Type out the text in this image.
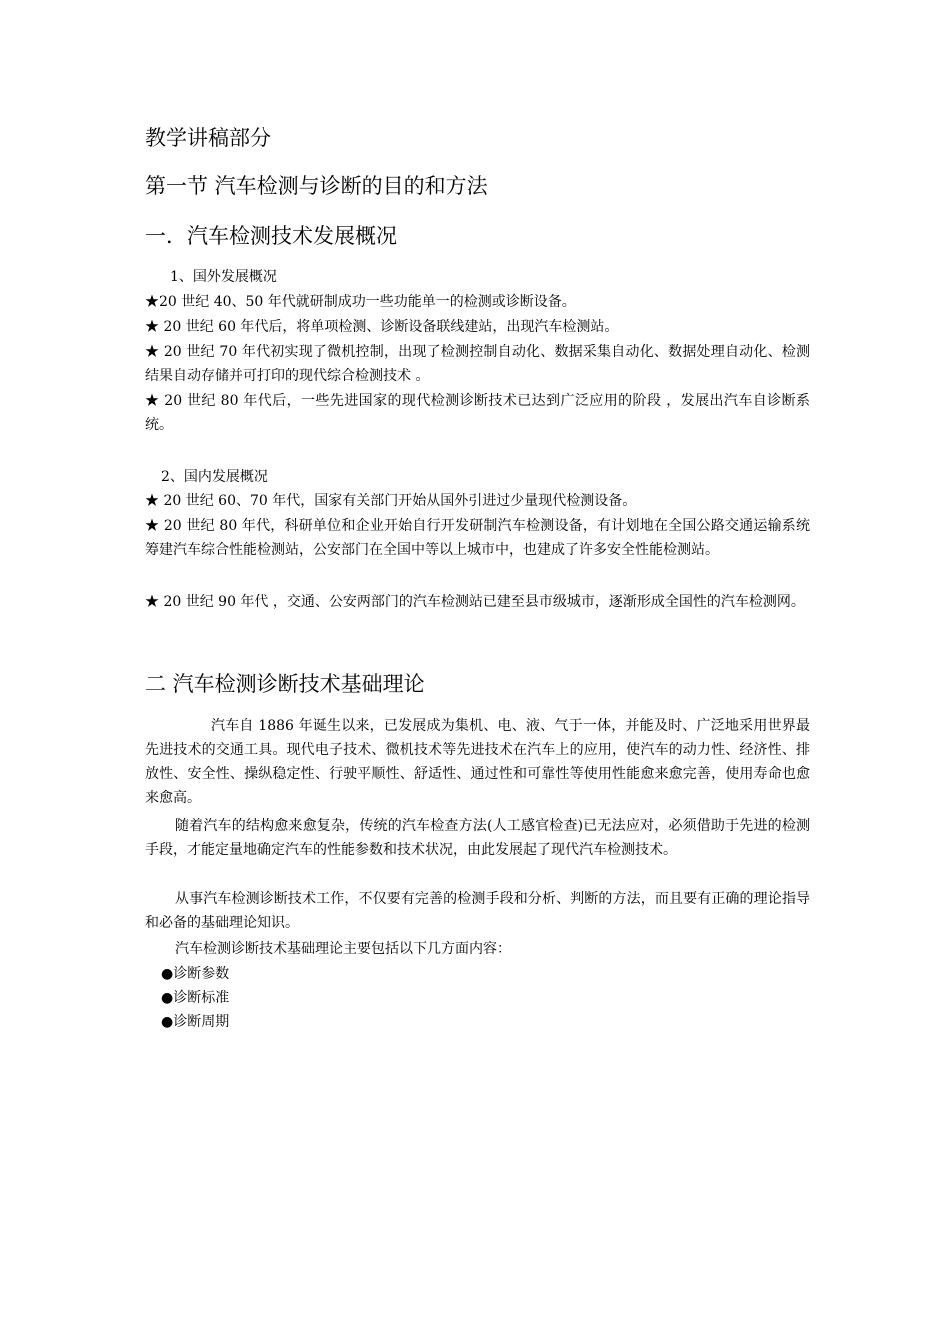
教学讲稿部分
第一节 汽车检测与诊断的目的和方法
一．汽车检测技术发展概况
1、国外发展概况
★20 世纪 40、50 年代就研制成功一些功能单一的检测或诊断设备。
★ 20 世纪 60 年代后，将单项检测、诊断设备联线建站，出现汽车检测站。
★ 20 世纪 70 年代初实现了微机控制，出现了检测控制自动化、数据采集自动化、数据处理自动化、检测结果自动存储并可打印的现代综合检测技术 。
★ 20 世纪 80 年代后，一些先进国家的现代检测诊断技术已达到广泛应用的阶段 ，发展出汽车自诊断系统。
2、国内发展概况
★ 20 世纪 60、70 年代，国家有关部门开始从国外引进过少量现代检测设备。
★ 20 世纪 80 年代，科研单位和企业开始自行开发研制汽车检测设备，有计划地在全国公路交通运输系统筹建汽车综合性能检测站，公安部门在全国中等以上城市中，也建成了许多安全性能检测站。
★ 20 世纪 90 年代 ，交通、公安两部门的汽车检测站已建至县市级城市，逐渐形成全国性的汽车检测网。
二 汽车检测诊断技术基础理论
汽车自 1886 年诞生以来，已发展成为集机、电、液、气于一体，并能及时、广泛地采用世界最先进技术的交通工具。现代电子技术、微机技术等先进技术在汽车上的应用，使汽车的动力性、经济性、排放性、安全性、操纵稳定性、行驶平顺性、舒适性、通过性和可靠性等使用性能愈来愈完善，使用寿命也愈来愈高。
随着汽车的结构愈来愈复杂，传统的汽车检查方法(人工感官检查)已无法应对，必须借助于先进的检测手段，才能定量地确定汽车的性能参数和技术状况，由此发展起了现代汽车检测技术。
从事汽车检测诊断技术工作，不仅要有完善的检测手段和分析、判断的方法，而且要有正确的理论指导和必备的基础理论知识。
汽车检测诊断技术基础理论主要包括以下几方面内容：
●诊断参数
●诊断标准
●诊断周期
